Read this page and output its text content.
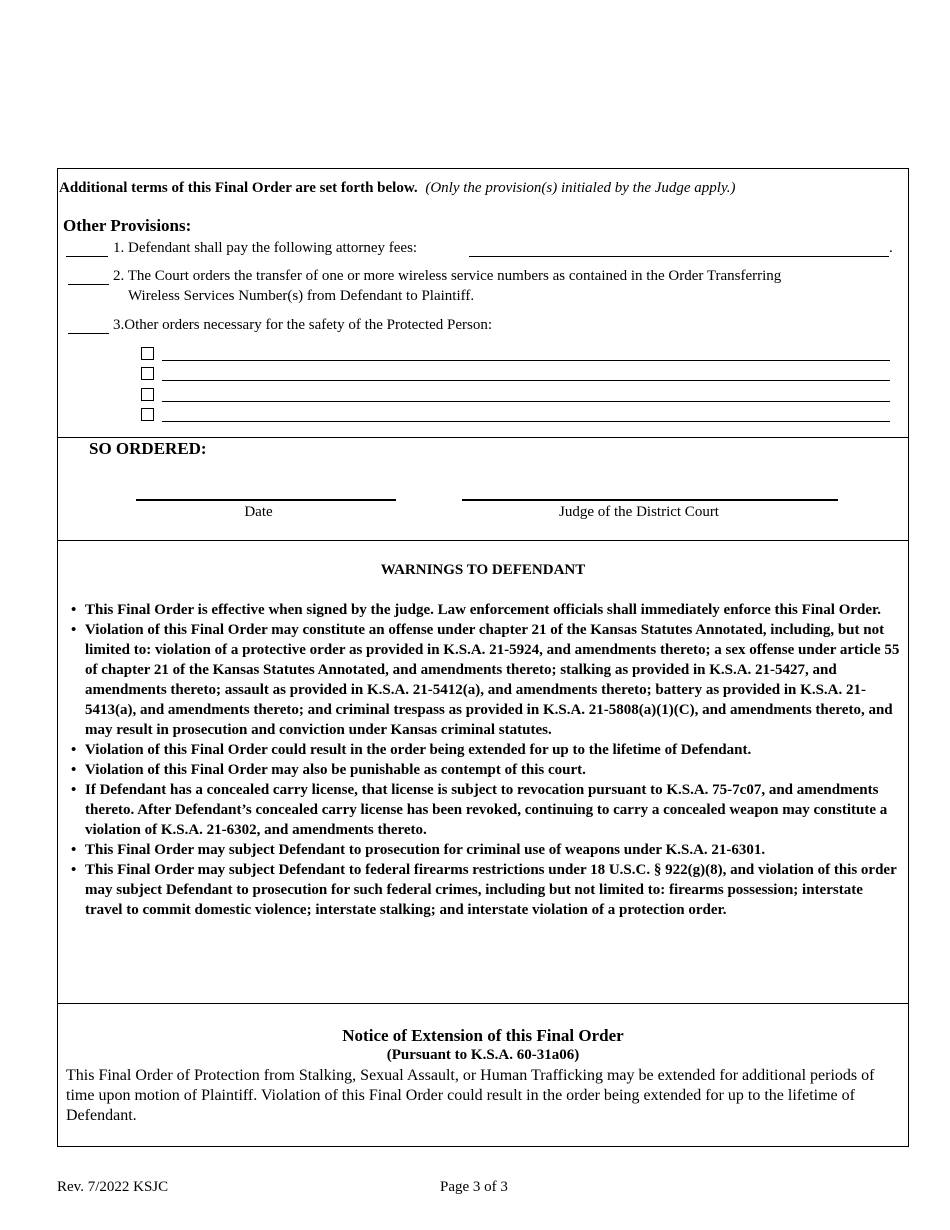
Additional terms of this Final Order are set forth below. (Only the provision(s) initialed by the Judge apply.)
Other Provisions:
1. Defendant shall pay the following attorney fees:	.
2. The Court orders the transfer of one or more wireless service numbers as contained in the Order Transferring
Wireless Services Number(s) from Defendant to Plaintiff.
3.Other orders necessary for the safety of the Protected Person:
SO ORDERED:
Date	Judge of the District Court
WARNINGS TO DEFENDANT
• This Final Order is effective when signed by the judge. Law enforcement officials shall immediately enforce this Final Order.
• Violation of this Final Order may constitute an offense under chapter 21 of the Kansas Statutes Annotated, including, but not limited to: violation of a protective order as provided in K.S.A. 21-5924, and amendments thereto; a sex offense under article 55 of chapter 21 of the Kansas Statutes Annotated, and amendments thereto; stalking as provided in K.S.A. 21-5427, and amendments thereto; assault as provided in K.S.A. 21-5412(a), and amendments thereto; battery as provided in K.S.A. 21-5413(a), and amendments thereto; and criminal trespass as provided in K.S.A. 21-5808(a)(1)(C), and amendments thereto, and may result in prosecution and conviction under Kansas criminal statutes.
• Violation of this Final Order could result in the order being extended for up to the lifetime of Defendant.
• Violation of this Final Order may also be punishable as contempt of this court.
• If Defendant has a concealed carry license, that license is subject to revocation pursuant to K.S.A. 75-7c07, and amendments thereto. After Defendant’s concealed carry license has been revoked, continuing to carry a concealed weapon may constitute a violation of K.S.A. 21-6302, and amendments thereto.
• This Final Order may subject Defendant to prosecution for criminal use of weapons under K.S.A. 21-6301.
• This Final Order may subject Defendant to federal firearms restrictions under 18 U.S.C. § 922(g)(8), and violation of this order may subject Defendant to prosecution for such federal crimes, including but not limited to: firearms possession; interstate travel to commit domestic violence; interstate stalking; and interstate violation of a protection order.
Notice of Extension of this Final Order
(Pursuant to K.S.A. 60-31a06)
This Final Order of Protection from Stalking, Sexual Assault, or Human Trafficking may be extended for additional periods of time upon motion of Plaintiff. Violation of this Final Order could result in the order being extended for up to the lifetime of Defendant.
Rev. 7/2022 KSJC	Page 3 of 3
